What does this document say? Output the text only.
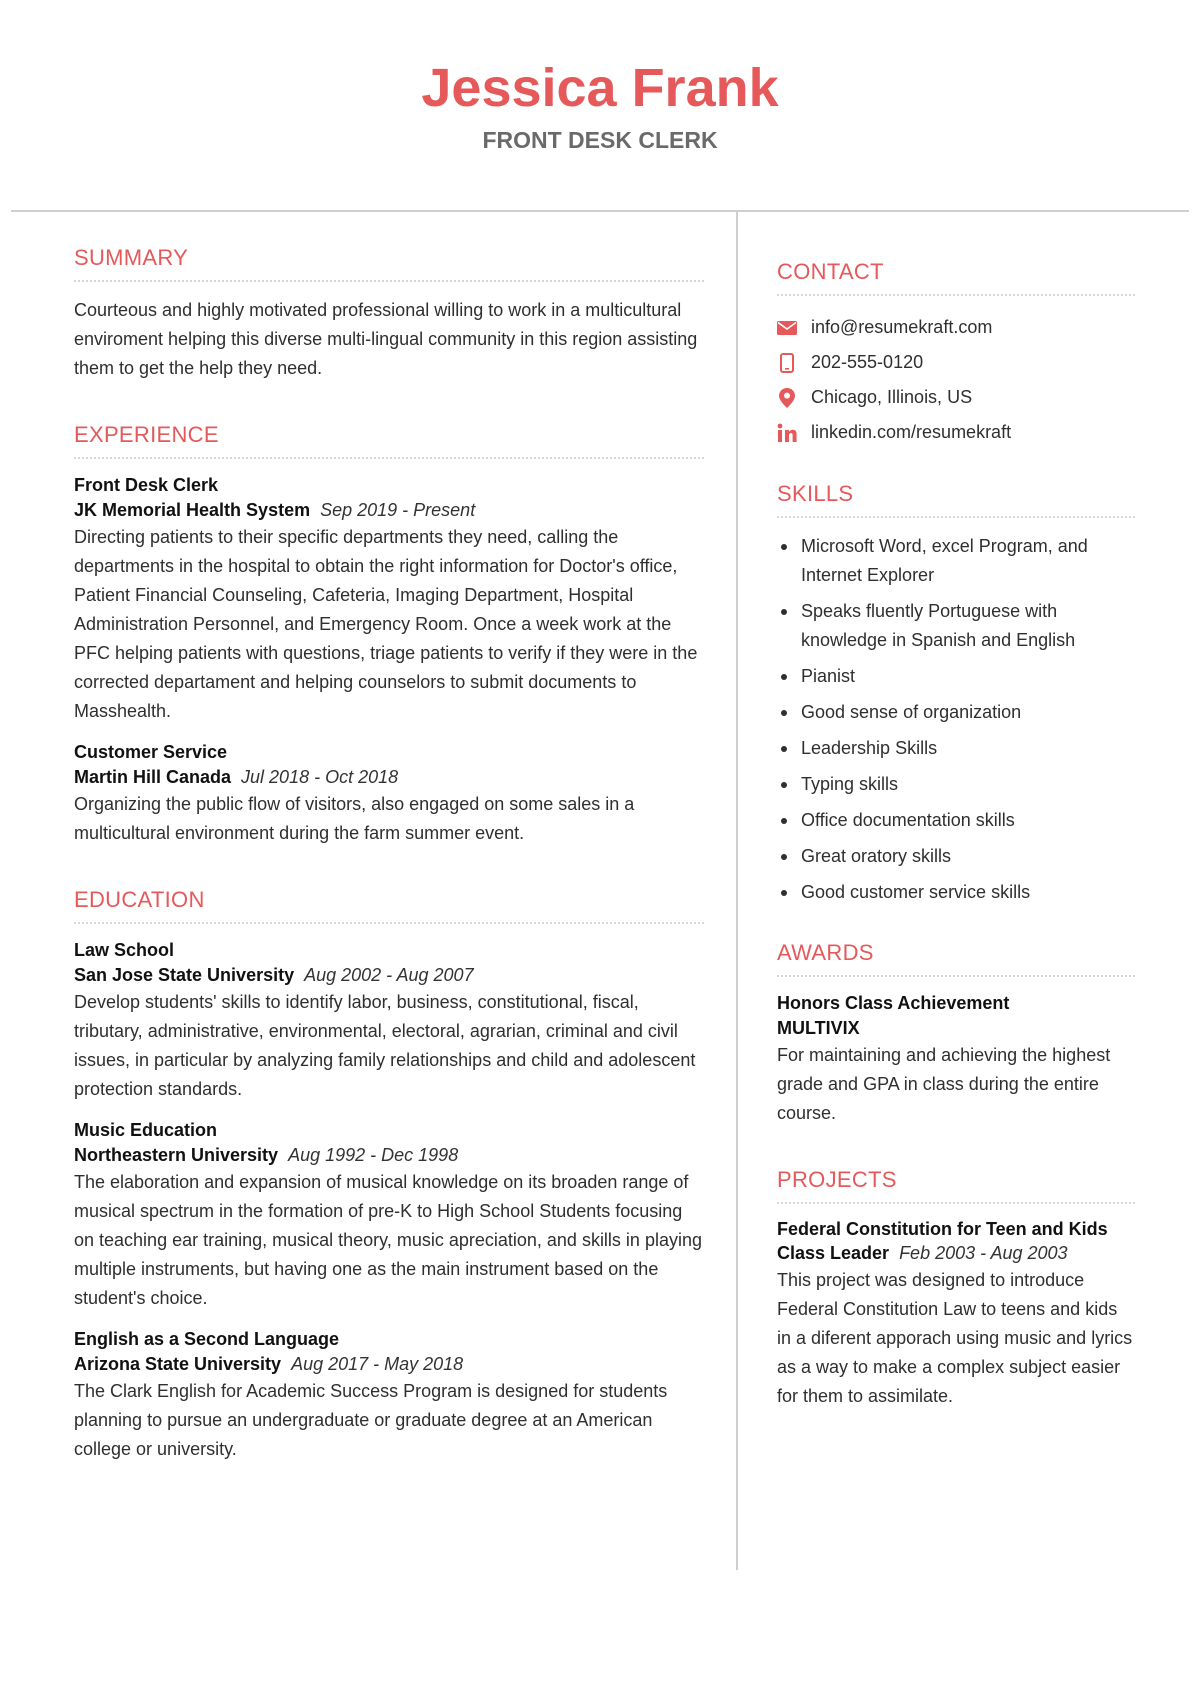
Jessica Frank
FRONT DESK CLERK
SUMMARY

Courteous and highly motivated professional willing to work in a multicultural enviroment helping this diverse multi-lingual community in this region assisting them to get the help they need.

EXPERIENCE
Front Desk Clerk
JK Memorial Health System Sep 2019 - Present

Directing patients to their specific departments they need, calling the departments in the hospital to obtain the right information for Doctor's office, Patient Financial Counseling, Cafeteria, Imaging Department, Hospital Administration Personnel, and Emergency Room. Once a week work at the PFC helping patients with questions, triage patients to verify if they were in the corrected departament and helping counselors to submit documents to Masshealth.

Customer Service
Martin Hill Canada Jul 2018 - Oct 2018

Organizing the public flow of visitors, also engaged on some sales in a multicultural environment during the farm summer event.

EDUCATION
Law School
San Jose State University Aug 2002 - Aug 2007

Develop students' skills to identify labor, business, constitutional, fiscal, tributary, administrative, environmental, electoral, agrarian, criminal and civil issues, in particular by analyzing family relationships and child and adolescent protection standards.

Music Education
Northeastern University Aug 1992 - Dec 1998

The elaboration and expansion of musical knowledge on its broaden range of musical spectrum in the formation of pre-K to High School Students focusing on teaching ear training, musical theory, music apreciation, and skills in playing multiple instruments, but having one as the main instrument based on the student's choice.

English as a Second Language
Arizona State University Aug 2017 - May 2018

The Clark English for Academic Success Program is designed for students planning to pursue an undergraduate or graduate degree at an American college or university.

CONTACT
info@resumekraft.com
202-555-0120
Chicago, Illinois, US
linkedin.com/resumekraft
SKILLS
Microsoft Word, excel Program, and Internet Explorer
Speaks fluently Portuguese with knowledge in Spanish and English
Pianist
Good sense of organization
Leadership Skills
Typing skills
Office documentation skills
Great oratory skills
Good customer service skills
AWARDS
Honors Class Achievement
MULTIVIX

For maintaining and achieving the highest grade and GPA in class during the entire course.

PROJECTS
Federal Constitution for Teen and Kids
Class Leader Feb 2003 - Aug 2003

This project was designed to introduce Federal Constitution Law to teens and kids in a diferent apporach using music and lyrics as a way to make a complex subject easier for them to assimilate.
